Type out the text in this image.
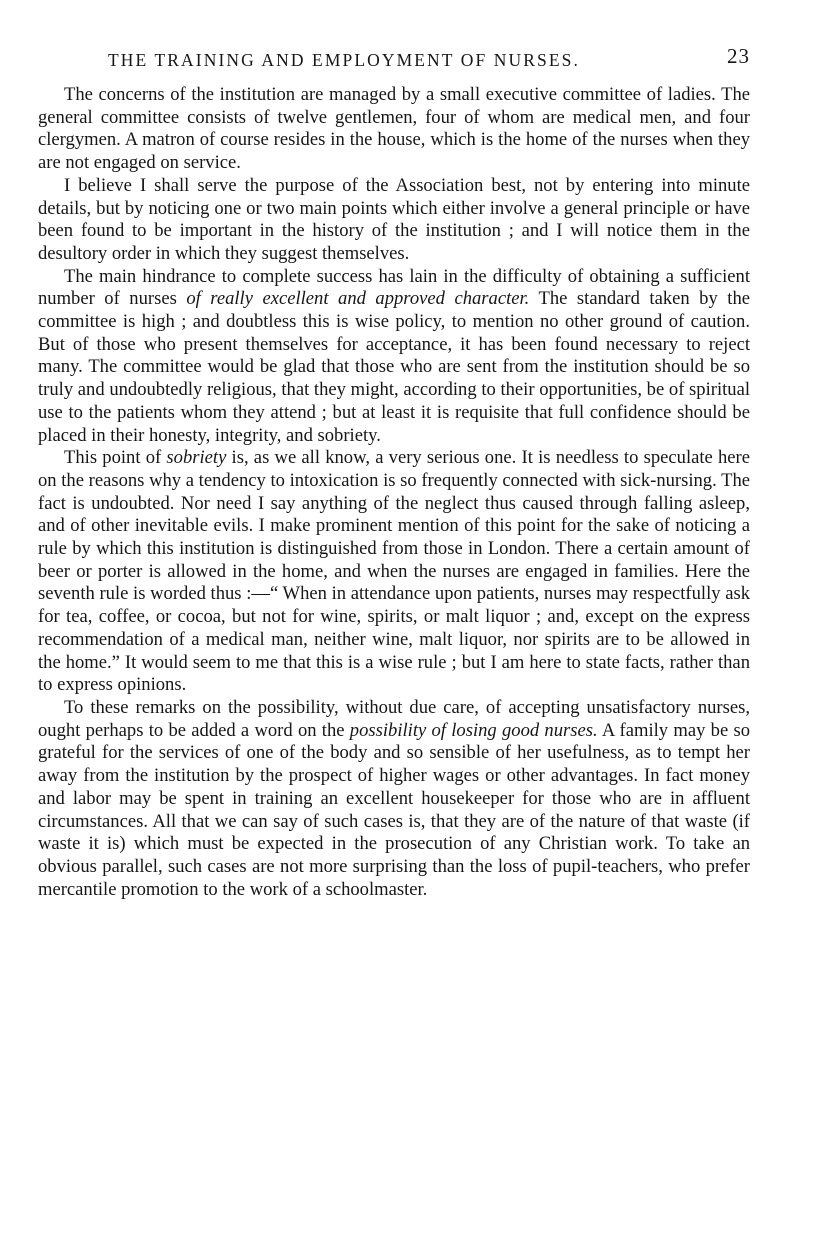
THE TRAINING AND EMPLOYMENT OF NURSES.	23

The concerns of the institution are managed by a small executive committee of ladies. The general committee consists of twelve gentlemen, four of whom are medical men, and four clergymen. A matron of course resides in the house, which is the home of the nurses when they are not engaged on service.

I believe I shall serve the purpose of the Association best, not by entering into minute details, but by noticing one or two main points which either involve a general principle or have been found to be important in the history of the institution ; and I will notice them in the desultory order in which they suggest themselves.

The main hindrance to complete success has lain in the difficulty of obtaining a sufficient number of nurses of really excellent and approved character. The standard taken by the committee is high ; and doubtless this is wise policy, to mention no other ground of caution. But of those who present themselves for acceptance, it has been found necessary to reject many. The committee would be glad that those who are sent from the institution should be so truly and undoubtedly religious, that they might, according to their opportunities, be of spiritual use to the patients whom they attend ; but at least it is requisite that full confidence should be placed in their honesty, integrity, and sobriety.

This point of sobriety is, as we all know, a very serious one. It is needless to speculate here on the reasons why a tendency to intoxication is so frequently connected with sick-nursing. The fact is undoubted. Nor need I say anything of the neglect thus caused through falling asleep, and of other inevitable evils. I make prominent mention of this point for the sake of noticing a rule by which this institution is distinguished from those in London. There a certain amount of beer or porter is allowed in the home, and when the nurses are engaged in families. Here the seventh rule is worded thus :—“ When in attendance upon patients, nurses may respectfully ask for tea, coffee, or cocoa, but not for wine, spirits, or malt liquor ; and, except on the express recommendation of a medical man, neither wine, malt liquor, nor spirits are to be allowed in the home.” It would seem to me that this is a wise rule ; but I am here to state facts, rather than to express opinions.

To these remarks on the possibility, without due care, of accepting unsatisfactory nurses, ought perhaps to be added a word on the possibility of losing good nurses. A family may be so grateful for the services of one of the body and so sensible of her usefulness, as to tempt her away from the institution by the prospect of higher wages or other advantages. In fact money and labor may be spent in training an excellent housekeeper for those who are in affluent circumstances. All that we can say of such cases is, that they are of the nature of that waste (if waste it is) which must be expected in the prosecution of any Christian work. To take an obvious parallel, such cases are not more surprising than the loss of pupil-teachers, who prefer mercantile promotion to the work of a schoolmaster.
